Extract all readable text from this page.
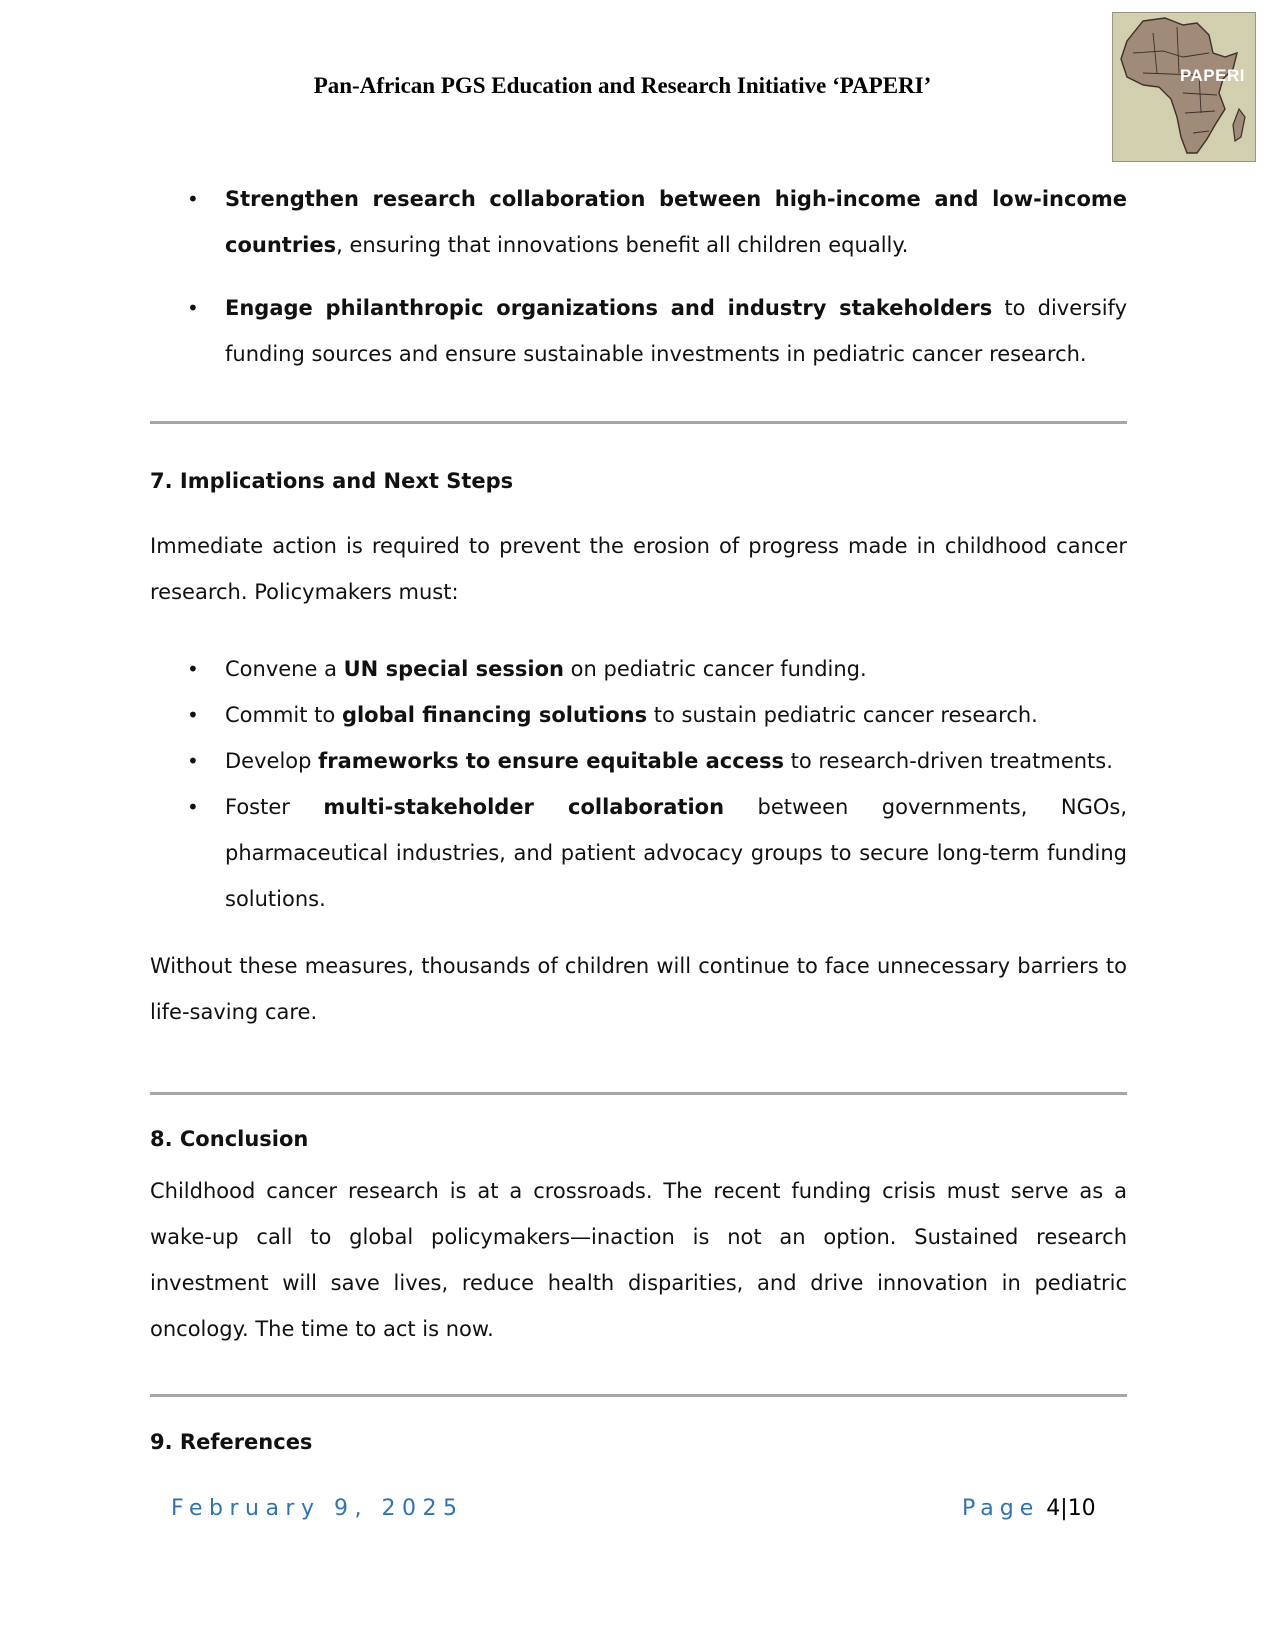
Pan-African PGS Education and Research Initiative ‘PAPERI’	PAPERI
• Strengthen research collaboration between high-income and low-income countries, ensuring that innovations benefit all children equally.
• Engage philanthropic organizations and industry stakeholders to diversify funding sources and ensure sustainable investments in pediatric cancer research.
7. Implications and Next Steps
Immediate action is required to prevent the erosion of progress made in childhood cancer research. Policymakers must:
• Convene a UN special session on pediatric cancer funding.
• Commit to global financing solutions to sustain pediatric cancer research.
• Develop frameworks to ensure equitable access to research-driven treatments.
• Foster multi-stakeholder collaboration between governments, NGOs, pharmaceutical industries, and patient advocacy groups to secure long-term funding solutions.
Without these measures, thousands of children will continue to face unnecessary barriers to life-saving care.
8. Conclusion
Childhood cancer research is at a crossroads. The recent funding crisis must serve as a wake-up call to global policymakers—inaction is not an option. Sustained research investment will save lives, reduce health disparities, and drive innovation in pediatric oncology. The time to act is now.
9. References
February 9, 2025	Page 4|10
